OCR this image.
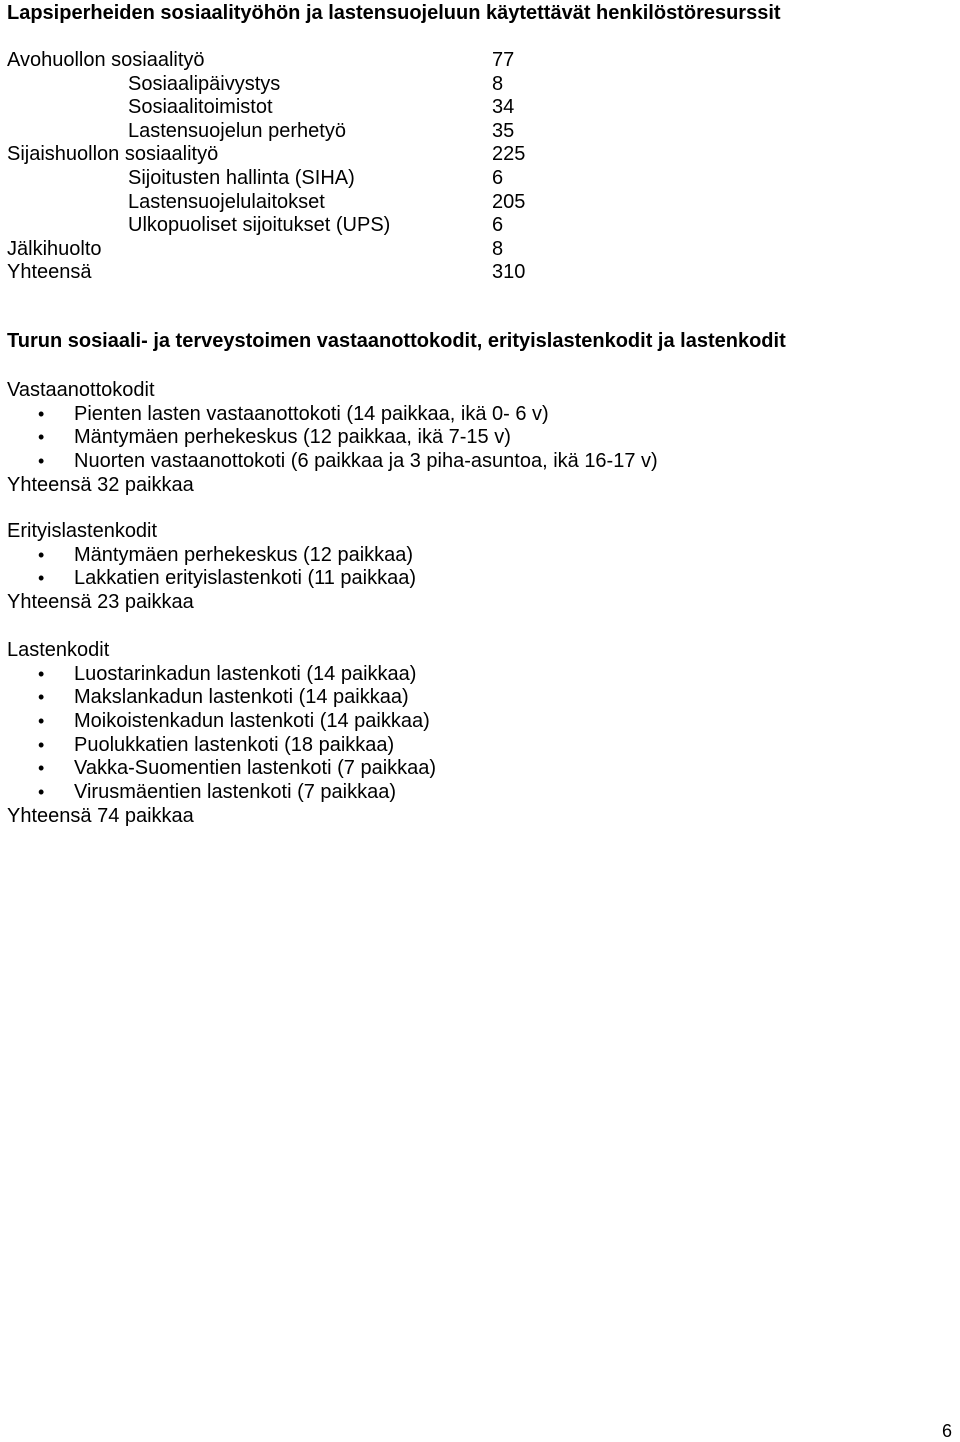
Lapsiperheiden sosiaalityöhön ja lastensuojeluun käytettävät henkilöstöresurssit
Avohuollon sosiaalityö	77
Sosiaalipäivystys	8
Sosiaalitoimistot	34
Lastensuojelun perhetyö	35
Sijaishuollon sosiaalityö	225
Sijoitusten hallinta (SIHA)	6
Lastensuojelulaitokset	205
Ulkopuoliset sijoitukset (UPS)	6
Jälkihuolto	8
Yhteensä	310
Turun sosiaali- ja terveystoimen vastaanottokodit, erityislastenkodit ja lastenkodit
Vastaanottokodit
• Pienten lasten vastaanottokoti (14 paikkaa, ikä 0- 6 v)
• Mäntymäen perhekeskus (12 paikkaa, ikä 7-15 v)
• Nuorten vastaanottokoti (6 paikkaa ja 3 piha-asuntoa, ikä 16-17 v)
Yhteensä 32 paikkaa
Erityislastenkodit
• Mäntymäen perhekeskus (12 paikkaa)
• Lakkatien erityislastenkoti (11 paikkaa)
Yhteensä 23 paikkaa
Lastenkodit
• Luostarinkadun lastenkoti (14 paikkaa)
• Makslankadun lastenkoti (14 paikkaa)
• Moikoistenkadun lastenkoti (14 paikkaa)
• Puolukkatien lastenkoti (18 paikkaa)
• Vakka-Suomentien lastenkoti (7 paikkaa)
• Virusmäentien lastenkoti (7 paikkaa)
Yhteensä 74 paikkaa
6
